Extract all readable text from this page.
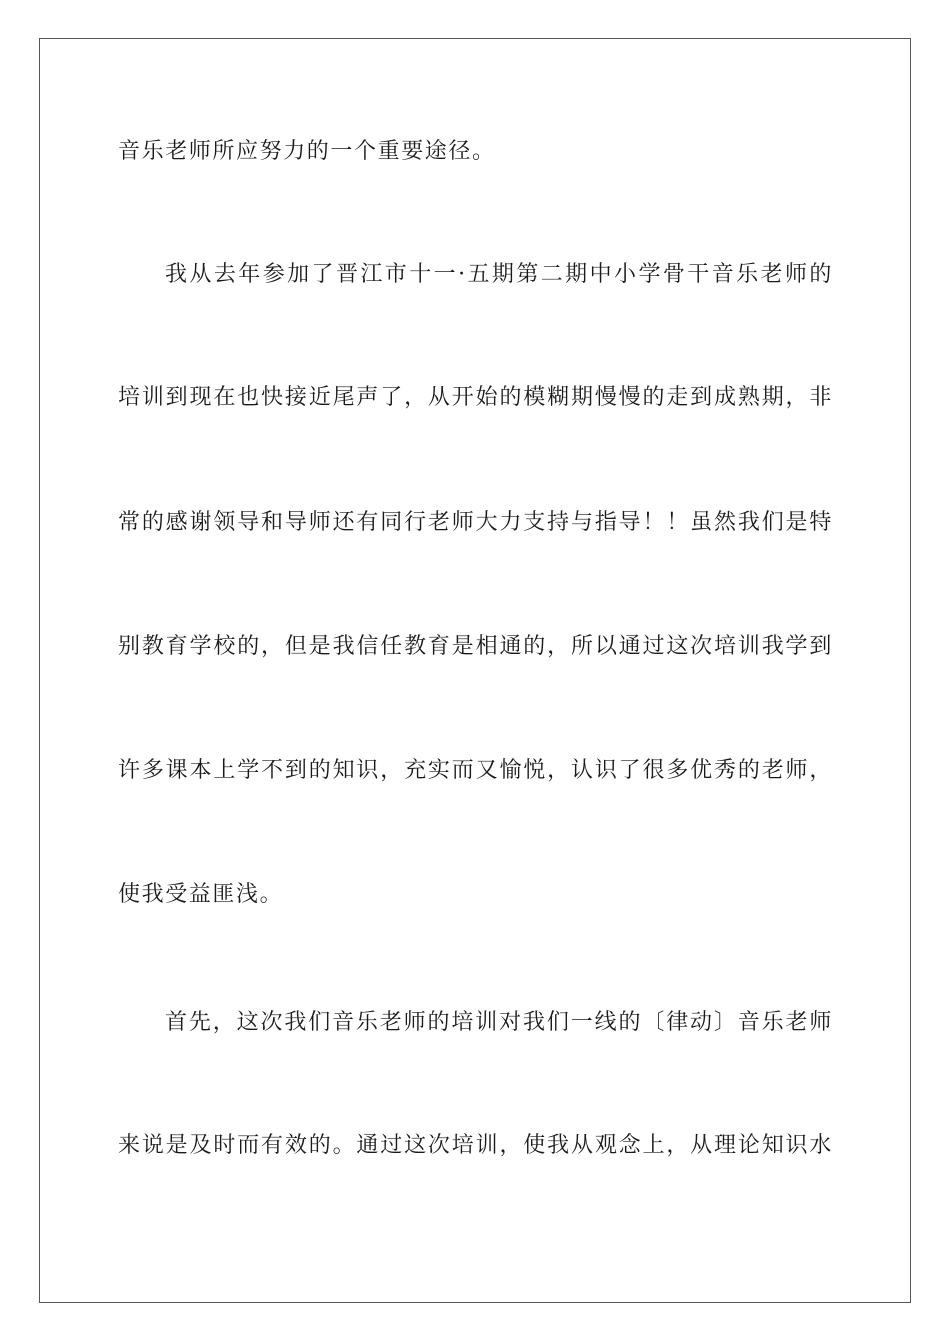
音乐老师所应努力的一个重要途径。
我从去年参加了晋江市十一·五期第二期中小学骨干音乐老师的
培训到现在也快接近尾声了，从开始的模糊期慢慢的走到成熟期，非
常的感谢领导和导师还有同行老师大力支持与指导！！虽然我们是特
别教育学校的，但是我信任教育是相通的，所以通过这次培训我学到
许多课本上学不到的知识，充实而又愉悦，认识了很多优秀的老师，
使我受益匪浅。
首先，这次我们音乐老师的培训对我们一线的〔律动〕音乐老师
来说是及时而有效的。通过这次培训，使我从观念上，从理论知识水
